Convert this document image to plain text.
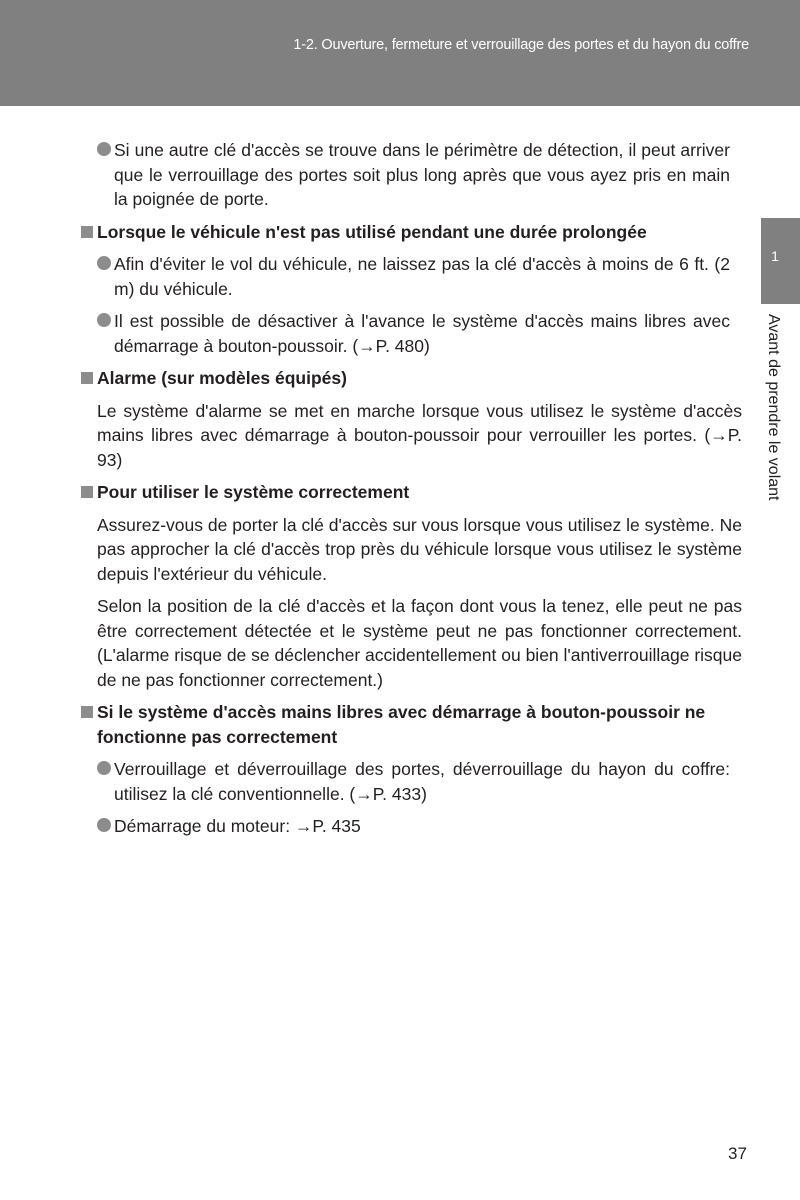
1-2. Ouverture, fermeture et verrouillage des portes et du hayon du coffre
1
Avant de prendre le volant
Si une autre clé d'accès se trouve dans le périmètre de détection, il peut arriver que le verrouillage des portes soit plus long après que vous ayez pris en main la poignée de porte.
Lorsque le véhicule n'est pas utilisé pendant une durée prolongée
Afin d'éviter le vol du véhicule, ne laissez pas la clé d'accès à moins de 6 ft. (2 m) du véhicule.
Il est possible de désactiver à l'avance le système d'accès mains libres avec démarrage à bouton-poussoir. (→P. 480)
Alarme (sur modèles équipés)
Le système d'alarme se met en marche lorsque vous utilisez le système d'accès mains libres avec démarrage à bouton-poussoir pour verrouiller les portes. (→P. 93)
Pour utiliser le système correctement
Assurez-vous de porter la clé d'accès sur vous lorsque vous utilisez le système. Ne pas approcher la clé d'accès trop près du véhicule lorsque vous utilisez le système depuis l'extérieur du véhicule.
Selon la position de la clé d'accès et la façon dont vous la tenez, elle peut ne pas être correctement détectée et le système peut ne pas fonctionner correctement. (L'alarme risque de se déclencher accidentellement ou bien l'antiverrouillage risque de ne pas fonctionner correctement.)
Si le système d'accès mains libres avec démarrage à bouton-poussoir ne fonctionne pas correctement
Verrouillage et déverrouillage des portes, déverrouillage du hayon du coffre: utilisez la clé conventionnelle. (→P. 433)
Démarrage du moteur: →P. 435
37
